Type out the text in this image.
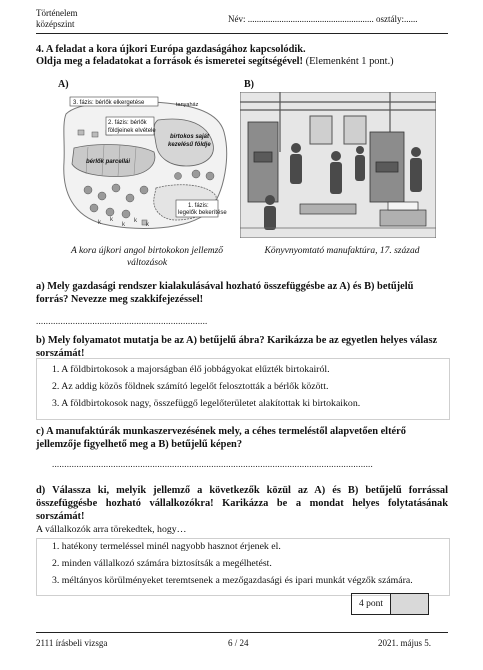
Történelem
középszint	Név: ........................................................ osztály:......
4. A feladat a kora újkori Európa gazdaságához kapcsolódik.
Oldja meg a feladatokat a források és ismeretei segítségével! (Elemenként 1 pont.)
A)	B)
k k
k
k
k
3. fázis: bérlők elkergetése
2. fázis: bérlők
földjeinek elvétele
tanyaház
birtokos saját
kezelésű földje
bérlők parcellái
1. fázis:
legelők bekerítése
A kora újkori angol birtokokon jellemző változások
Könyvnyomtató manufaktúra, 17. század
a) Mely gazdasági rendszer kialakulásával hozható összefüggésbe az A) és B) betűjelű forrás? Nevezze meg szakkifejezéssel!
......................................................................
b) Mely folyamatot mutatja be az A) betűjelű ábra? Karikázza be az egyetlen helyes válasz sorszámát!
1. A földbirtokosok a majorságban élő jobbágyokat elűzték birtokairól.
2. Az addig közös földnek számító legelőt felosztották a bérlők között.
3. A földbirtokosok nagy, összefüggő legelőterületet alakítottak ki birtokaikon.
c) A manufaktúrák munkaszervezésének mely, a céhes termeléstől alapvetően eltérő jellemzője figyelhető meg a B) betűjelű képen?
...................................................................................................................................
d) Válassza ki, melyik jellemző a következők közül az A) és B) betűjelű forrással összefüggésbe hozható vállalkozókra! Karikázza be a mondat helyes folytatásának sorszámát!
A vállalkozók arra törekedtek, hogy…
1. hatékony termeléssel minél nagyobb hasznot érjenek el.
2. minden vállalkozó számára biztosítsák a megélhetést.
3. méltányos körülményeket teremtsenek a mezőgazdasági és ipari munkát végzők számára.
4 pont
2111 írásbeli vizsga	6 / 24	2021. május 5.
